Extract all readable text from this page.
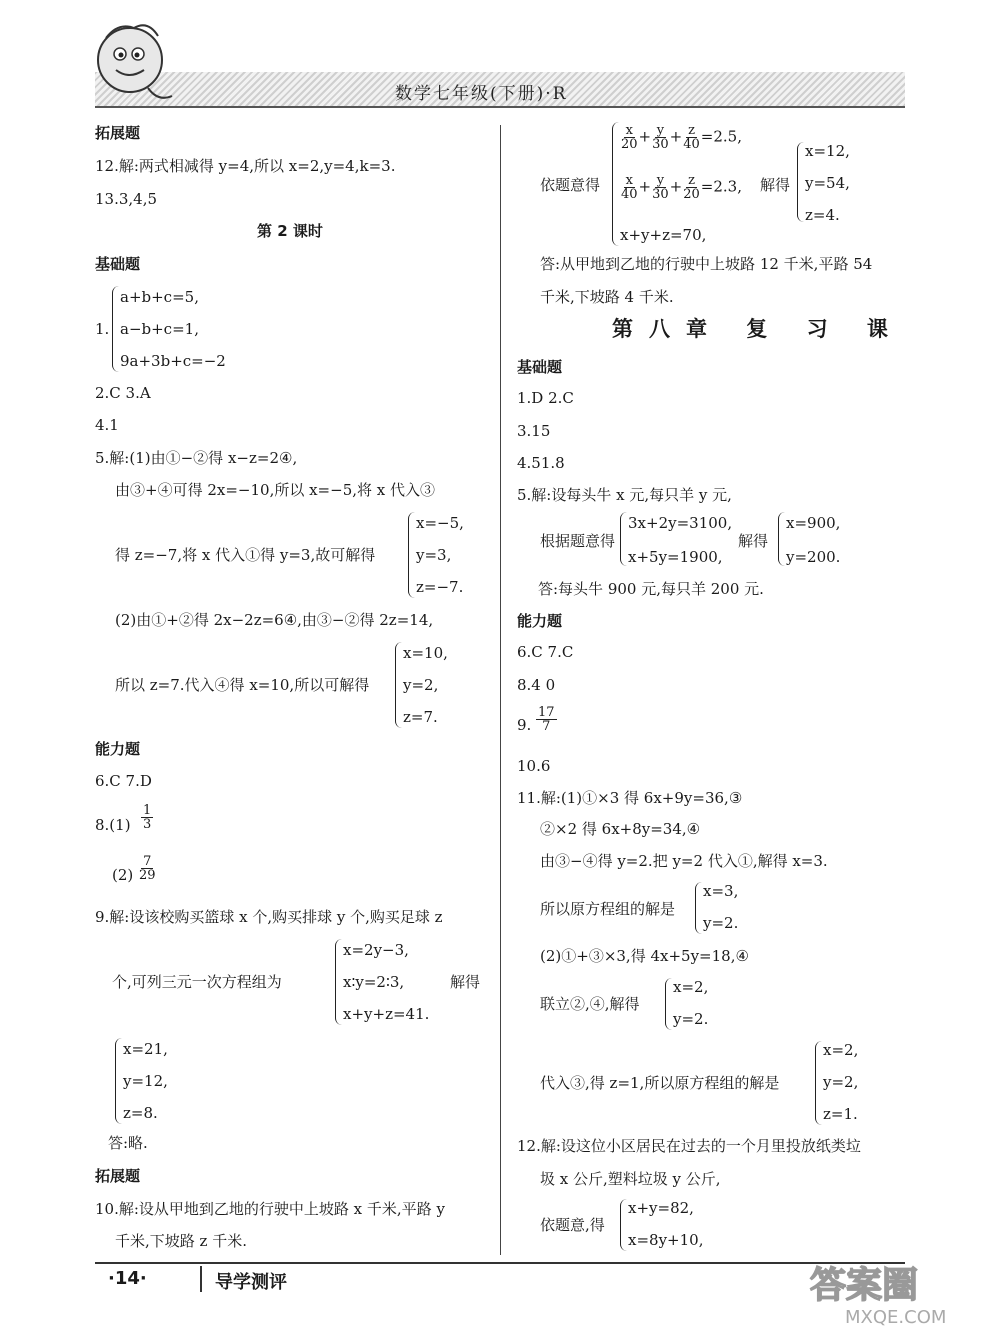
数学七年级(下册)·R
拓展题
12.解:两式相减得 y=4,所以 x=2,y=4,k=3.
13.3,4,5
第 2 课时
基础题
1.
a+b+c=5,
a−b+c=1,
9a+3b+c=−2
2.C 3.A
4.1
5.解:(1)由①−②得 x−z=2④,
由③+④可得 2x=−10,所以 x=−5,将 x 代入③
得 z=−7,将 x 代入①得 y=3,故可解得
x=−5,
y=3,
z=−7.
(2)由①+②得 2x−2z=6④,由③−②得 2z=14,
所以 z=7.代入④得 x=10,所以可解得
x=10,
y=2,
z=7.
能力题
6.C 7.D
$8.(1) \frac{1}{3}$
$(2) \frac{7}{29}$
9.解:设该校购买篮球 x 个,购买排球 y 个,购买足球 z
个,可列三元一次方程组为
x=2y−3,
x∶y=2∶3,
x+y+z=41.
解得
x=21,
y=12,
z=8.
答:略.
拓展题
10.解:设从甲地到乙地的行驶中上坡路 x 千米,平路 y
千米,下坡路 z 千米.
依题意得
$\frac{x}{20} + \frac{y}{30} + \frac{z}{40} =2.5$,
$\frac{x}{40} + \frac{y}{30} + \frac{z}{20} =2.3$,
x+y+z=70,
解得
x=12,
y=54,
z=4.
答:从甲地到乙地的行驶中上坡路 12 千米,平路 54
千米,下坡路 4 千米.
第八章 复 习 课
基础题
1.D 2.C
3.15
4.51.8
5.解:设每头牛 x 元,每只羊 y 元,
根据题意得
3x+2y=3100,
x+5y=1900,
解得
x=900,
y=200.
答:每头牛 900 元,每只羊 200 元.
能力题
6.C 7.C
8.4 0
9. $\frac{17}{7}$
10.6
11.解:(1)①×3 得 6x+9y=36,③
②×2 得 6x+8y=34,④
由③−④得 y=2.把 y=2 代入①,解得 x=3.
所以原方程组的解是
x=3,
y=2.
(2)①+③×3,得 4x+5y=18,④
联立②,④,解得
x=2,
y=2.
代入③,得 z=1,所以原方程组的解是
x=2,
y=2,
z=1.
12.解:设这位小区居民在过去的一个月里投放纸类垃
圾 x 公斤,塑料垃圾 y 公斤,
依题意,得
x+y=82,
x=8y+10,
·14·	导学测评	答案圈
MXQE.COM
